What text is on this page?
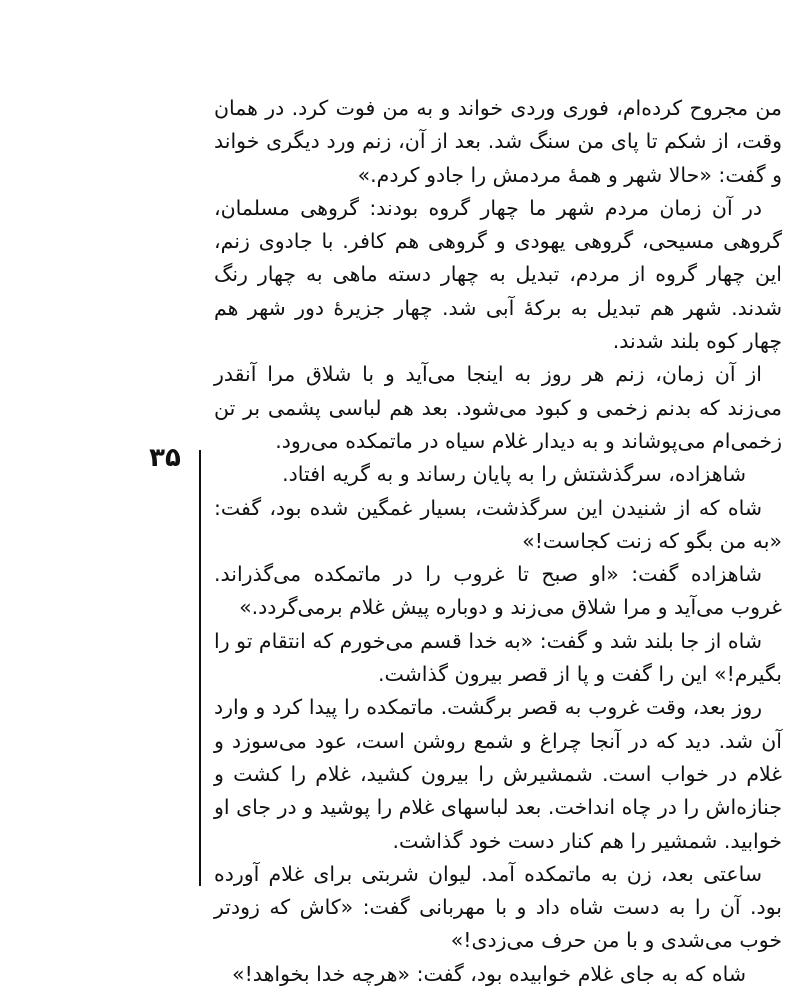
۳۵

من مجروح کرده‌ام، فوری وردی خواند و به من فوت کرد. در همان وقت، از شکم تا پای من سنگ شد. بعد از آن، زنم ورد دیگری خواند و گفت: «حالا شهر و همهٔ مردمش را جادو کردم.»

در آن زمان مردم شهر ما چهار گروه بودند: گروهی مسلمان، گروهی مسیحی، گروهی یهودی و گروهی هم کافر. با جادوی زنم، این چهار گروه از مردم، تبدیل به چهار دسته ماهی به چهار رنگ شدند. شهر هم تبدیل به برکهٔ آبی شد. چهار جزیرهٔ دور شهر هم چهار کوه بلند شدند.

از آن زمان، زنم هر روز به اینجا می‌آید و با شلاق مرا آنقدر می‌زند که بدنم زخمی و کبود می‌شود. بعد هم لباسی پشمی بر تن زخمی‌ام می‌پوشاند و به دیدار غلام سیاه در ماتمکده می‌رود.

شاهزاده، سرگذشتش را به پایان رساند و به گریه افتاد.

شاه که از شنیدن این سرگذشت، بسیار غمگین شده بود، گفت: «به من بگو که زنت کجاست!»

شاهزاده گفت: «او صبح تا غروب را در ماتمکده می‌گذراند. غروب می‌آید و مرا شلاق می‌زند و دوباره پیش غلام برمی‌گردد.»

شاه از جا بلند شد و گفت: «به خدا قسم می‌خورم که انتقام تو را بگیرم!» این را گفت و پا از قصر بیرون گذاشت.

روز بعد، وقت غروب به قصر برگشت. ماتمکده را پیدا کرد و وارد آن شد. دید که در آنجا چراغ و شمع روشن است، عود می‌سوزد و غلام در خواب است. شمشیرش را بیرون کشید، غلام را کشت و جنازه‌اش را در چاه انداخت. بعد لباسهای غلام را پوشید و در جای او خوابید. شمشیر را هم کنار دست خود گذاشت.

ساعتی بعد، زن به ماتمکده آمد. لیوان شربتی برای غلام آورده بود. آن را به دست شاه داد و با مهربانی گفت: «کاش که زودتر خوب می‌شدی و با من حرف می‌زدی!»

شاه که به جای غلام خوابیده بود، گفت: «هرچه خدا بخواهد!»
